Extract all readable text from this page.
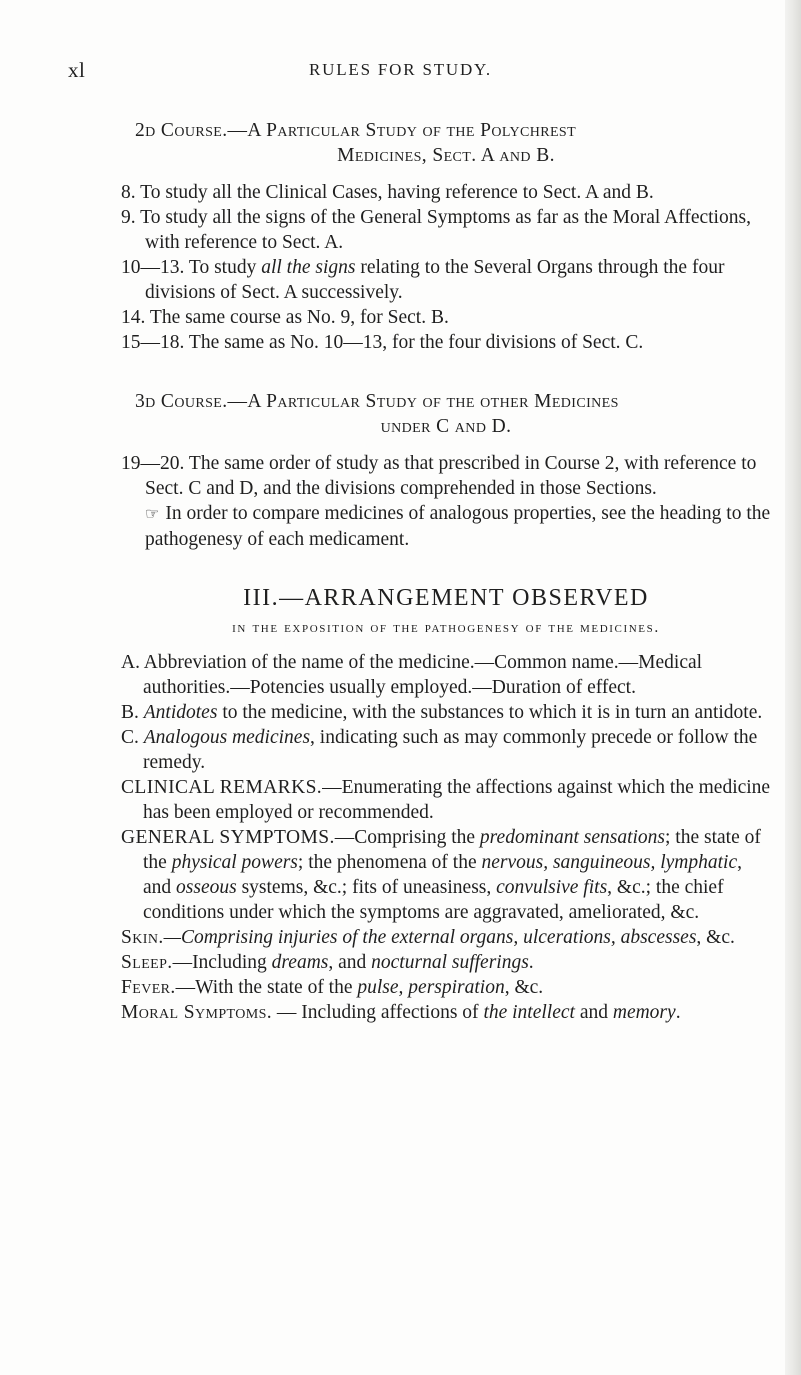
xl	RULES FOR STUDY.

2d Course.—A Particular Study of the Polychrest

Medicines, Sect. A and B.

8. To study all the Clinical Cases, having reference to Sect. A and B.

9. To study all the signs of the General Symptoms as far as the Moral Affections, with reference to Sect. A.

10—13. To study all the signs relating to the Several Organs through the four divisions of Sect. A successively.

14. The same course as No. 9, for Sect. B.

15—18. The same as No. 10—13, for the four divisions of Sect. C.

3d Course.—A Particular Study of the other Medicines

under C and D.

19—20. The same order of study as that prescribed in Course 2, with reference to Sect. C and D, and the divisions comprehended in those Sections.

☞ In order to compare medicines of analogous properties, see the heading to the pathogenesy of each medicament.

III.—ARRANGEMENT OBSERVED

in the exposition of the pathogenesy of the medicines.

A. Abbreviation of the name of the medicine.—Common name.—Medical authorities.—Potencies usually employed.—Duration of effect.

B. Antidotes to the medicine, with the substances to which it is in turn an antidote.

C. Analogous medicines, indicating such as may commonly precede or follow the remedy.

CLINICAL REMARKS.—Enumerating the affections against which the medicine has been employed or recommended.

GENERAL SYMPTOMS.—Comprising the predominant sensations; the state of the physical powers; the phenomena of the nervous, sanguineous, lymphatic, and osseous systems, &c.; fits of uneasiness, convulsive fits, &c.; the chief conditions under which the symptoms are aggravated, ameliorated, &c.

Skin.—Comprising injuries of the external organs, ulcerations, abscesses, &c.

Sleep.—Including dreams, and nocturnal sufferings.

Fever.—With the state of the pulse, perspiration, &c.

Moral Symptoms. — Including affections of the intellect and memory.
